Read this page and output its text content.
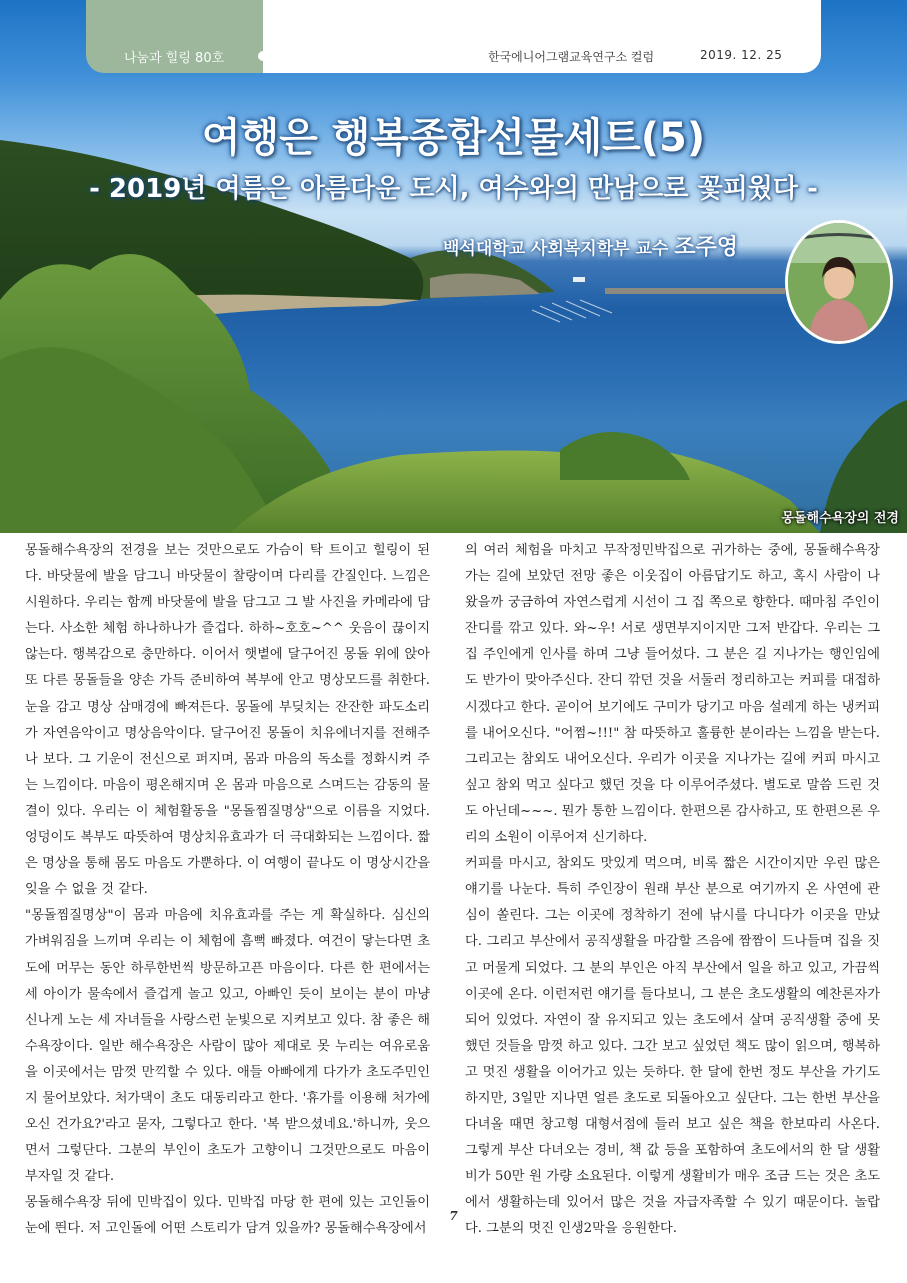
나눔과 힐링 80호	한국에니어그램교육연구소 컬럼	2019. 12. 25
여행은 행복종합선물세트(5)
- 2019년 여름은 아름다운 도시, 여수와의 만남으로 꽃피웠다 -
백석대학교 사회복지학부 교수 조주영
몽돌해수욕장의 전경

몽돌해수욕장의 전경을 보는 것만으로도 가슴이 탁 트이고 힐링이 된다. 바닷물에 발을 담그니 바닷물이 찰랑이며 다리를 간질인다. 느낌은 시원하다. 우리는 함께 바닷물에 발을 담그고 그 발 사진을 카메라에 담는다. 사소한 체험 하나하나가 즐겁다. 하하~호호~^^ 웃음이 끊이지 않는다. 행복감으로 충만하다. 이어서 햇볕에 달구어진 몽돌 위에 앉아 또 다른 몽돌들을 양손 가득 준비하여 복부에 안고 명상모드를 취한다. 눈을 감고 명상 삼매경에 빠져든다. 몽돌에 부딪치는 잔잔한 파도소리가 자연음악이고 명상음악이다. 달구어진 몽돌이 치유에너지를 전해주나 보다. 그 기운이 전신으로 퍼지며, 몸과 마음의 독소를 정화시켜 주는 느낌이다. 마음이 평온해지며 온 몸과 마음으로 스며드는 감동의 물결이 있다. 우리는 이 체험활동을 "몽돌찜질명상"으로 이름을 지었다. 엉덩이도 복부도 따뜻하여 명상치유효과가 더 극대화되는 느낌이다. 짧은 명상을 통해 몸도 마음도 가뿐하다. 이 여행이 끝나도 이 명상시간을 잊을 수 없을 것 같다.

"몽돌찜질명상"이 몸과 마음에 치유효과를 주는 게 확실하다. 심신의 가벼워짐을 느끼며 우리는 이 체험에 흠뻑 빠졌다. 여건이 닿는다면 초도에 머무는 동안 하루한번씩 방문하고픈 마음이다. 다른 한 편에서는 세 아이가 물속에서 즐겁게 놀고 있고, 아빠인 듯이 보이는 분이 마냥 신나게 노는 세 자녀들을 사랑스런 눈빛으로 지켜보고 있다. 참 좋은 해수욕장이다. 일반 해수욕장은 사람이 많아 제대로 못 누리는 여유로움을 이곳에서는 맘껏 만끽할 수 있다. 애들 아빠에게 다가가 초도주민인지 물어보았다. 처가댁이 초도 대동리라고 한다. '휴가를 이용해 처가에 오신 건가요?'라고 묻자, 그렇다고 한다. '복 받으셨네요.'하니까, 웃으면서 그렇단다. 그분의 부인이 초도가 고향이니 그것만으로도 마음이 부자일 것 같다.

몽돌해수욕장 뒤에 민박집이 있다. 민박집 마당 한 편에 있는 고인돌이 눈에 띈다. 저 고인돌에 어떤 스토리가 담겨 있을까? 몽돌해수욕장에서

의 여러 체험을 마치고 무작정민박집으로 귀가하는 중에, 몽돌해수욕장 가는 길에 보았던 전망 좋은 이웃집이 아름답기도 하고, 혹시 사람이 나왔을까 궁금하여 자연스럽게 시선이 그 집 쪽으로 향한다. 때마침 주인이 잔디를 깎고 있다. 와~우! 서로 생면부지이지만 그저 반갑다. 우리는 그 집 주인에게 인사를 하며 그냥 들어섰다. 그 분은 길 지나가는 행인임에도 반가이 맞아주신다. 잔디 깎던 것을 서둘러 정리하고는 커피를 대접하시겠다고 한다. 곧이어 보기에도 구미가 당기고 마음 설레게 하는 냉커피를 내어오신다. "어쩜~!!!" 참 따뜻하고 훌륭한 분이라는 느낌을 받는다. 그리고는 참외도 내어오신다. 우리가 이곳을 지나가는 길에 커피 마시고 싶고 참외 먹고 싶다고 했던 것을 다 이루어주셨다. 별도로 말씀 드린 것도 아닌데~~~. 뭔가 통한 느낌이다. 한편으론 감사하고, 또 한편으론 우리의 소원이 이루어져 신기하다.

커피를 마시고, 참외도 맛있게 먹으며, 비록 짧은 시간이지만 우린 많은 얘기를 나눈다. 특히 주인장이 원래 부산 분으로 여기까지 온 사연에 관심이 쏠린다. 그는 이곳에 정착하기 전에 낚시를 다니다가 이곳을 만났다. 그리고 부산에서 공직생활을 마감할 즈음에 짬짬이 드나들며 집을 짓고 머물게 되었다. 그 분의 부인은 아직 부산에서 일을 하고 있고, 가끔씩 이곳에 온다. 이런저런 얘기를 들다보니, 그 분은 초도생활의 예찬론자가 되어 있었다. 자연이 잘 유지되고 있는 초도에서 살며 공직생활 중에 못했던 것들을 맘껏 하고 있다. 그간 보고 싶었던 책도 많이 읽으며, 행복하고 멋진 생활을 이어가고 있는 듯하다. 한 달에 한번 정도 부산을 가기도 하지만, 3일만 지나면 얼른 초도로 되돌아오고 싶단다. 그는 한번 부산을 다녀올 때면 창고형 대형서점에 들러 보고 싶은 책을 한보따리 사온다. 그렇게 부산 다녀오는 경비, 책 값 등을 포함하여 초도에서의 한 달 생활비가 50만 원 가량 소요된다. 이렇게 생활비가 매우 조금 드는 것은 초도에서 생활하는데 있어서 많은 것을 자급자족할 수 있기 때문이다. 놀랍다. 그분의 멋진 인생2막을 응원한다.

7
